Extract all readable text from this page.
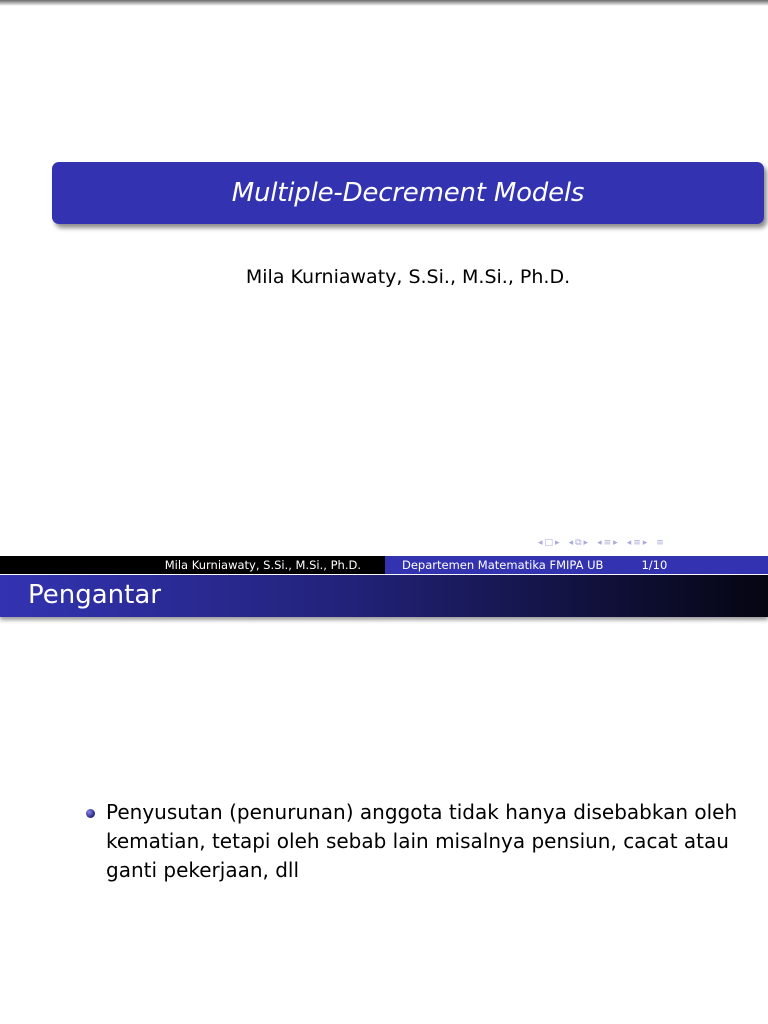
Multiple-Decrement Models
Mila Kurniawaty, S.Si., M.Si., Ph.D.
◂ □ ▸ ◂ ⧉ ▸ ◂ ≡ ▸ ◂ ≡ ▸ ≡
Mila Kurniawaty, S.Si., M.Si., Ph.D.	Departemen Matematika FMIPA UB	1/10
Pengantar
Penyusutan (penurunan) anggota tidak hanya disebabkan oleh kematian, tetapi oleh sebab lain misalnya pensiun, cacat atau ganti pekerjaan, dll
